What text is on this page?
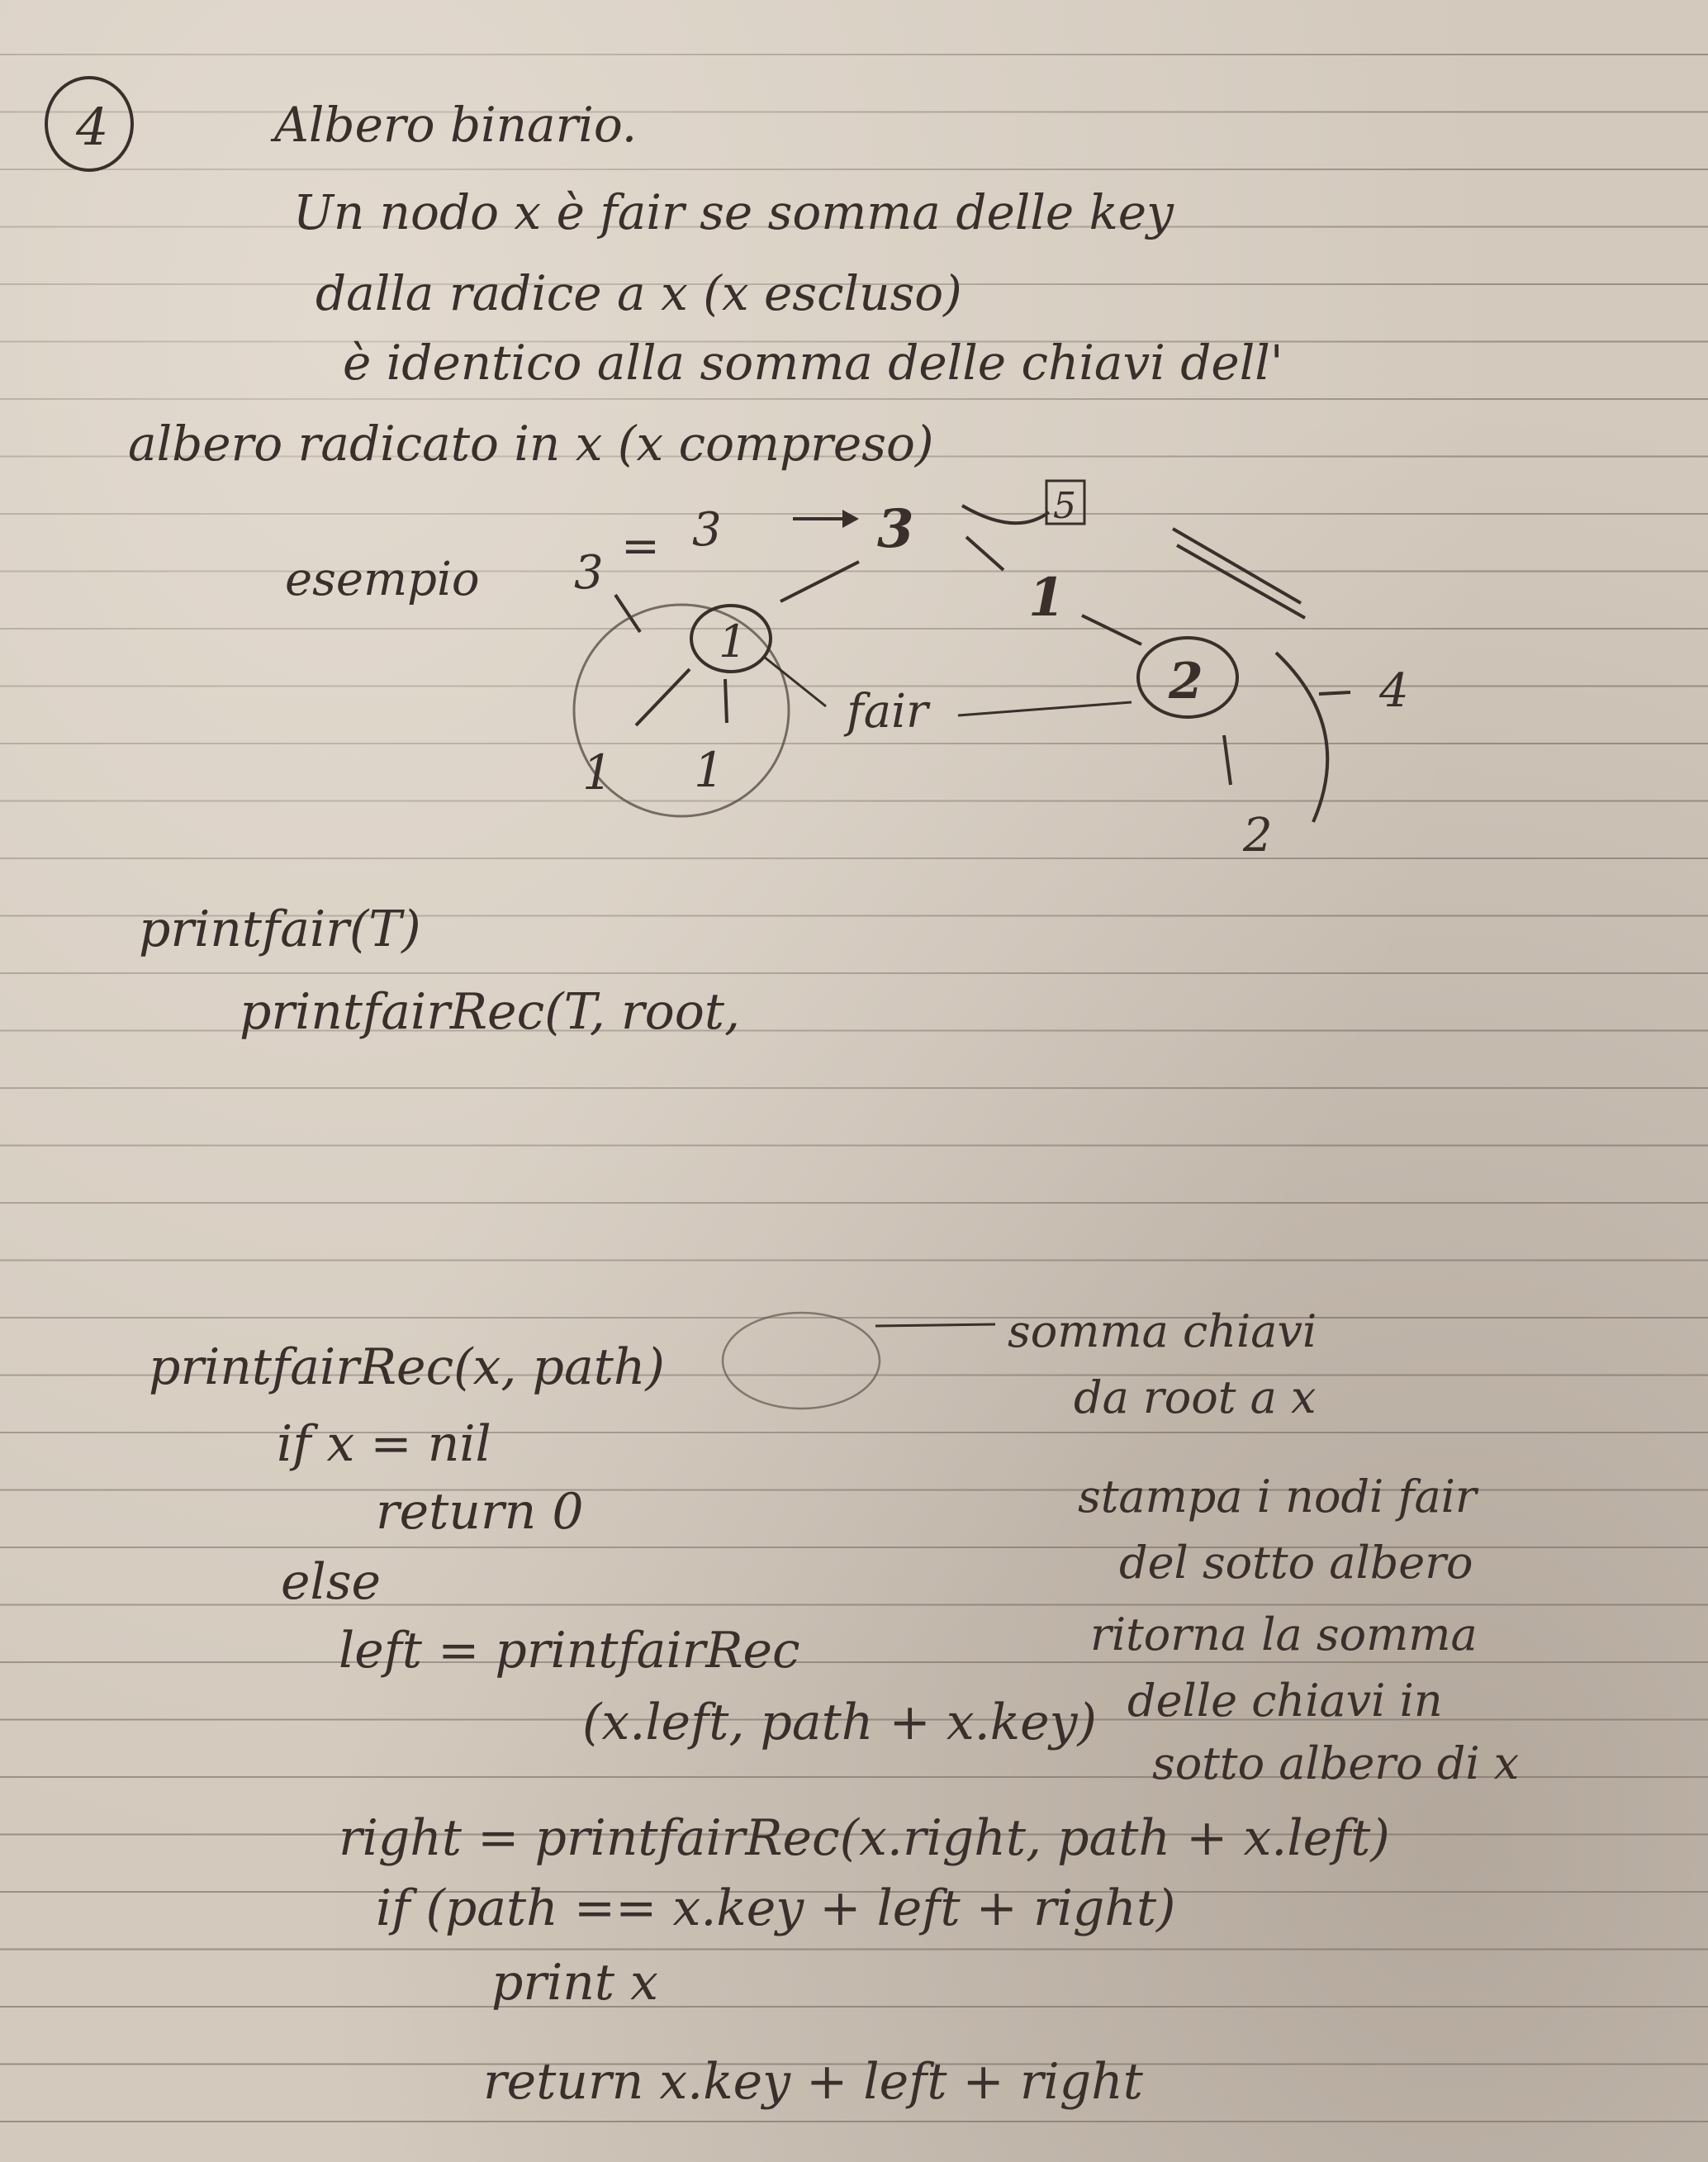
4
esempio 3 = 3	3	5
1
1
1 1
2
fair	4
2

Albero binario.

Un nodo x è fair se somma delle key

dalla radice a x (x escluso)

è identico alla somma delle chiavi dell'

albero radicato in x (x compreso)

printfair(T)

printfairRec(T, root,

printfairRec(x, path)

if x = nil

return 0

else

left = printfairRec

(x.left, path + x.key)

right = printfairRec(x.right, path + x.left)

if (path == x.key + left + right)

print x

return x.key + left + right

somma chiavi

da root a x

stampa i nodi fair

del sotto albero

ritorna la somma

delle chiavi in

sotto albero di x
